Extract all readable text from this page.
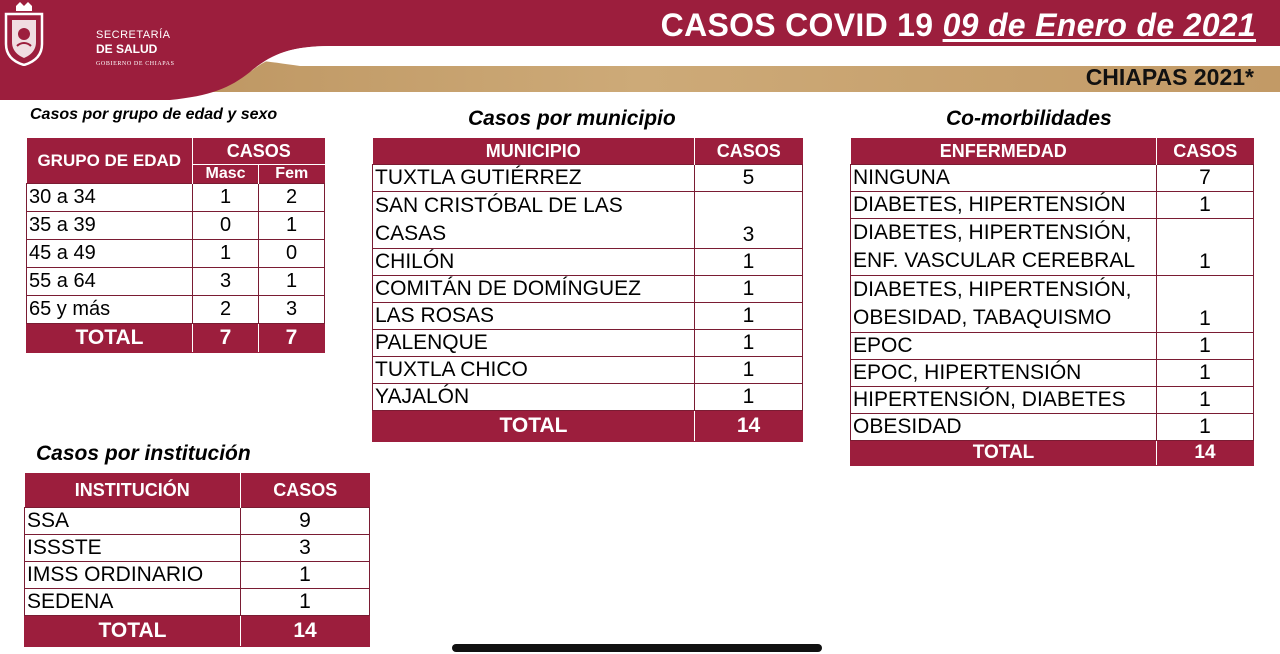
SECRETARÍA
DE SALUD
GOBIERNO DE CHIAPAS
CASOS COVID 19 09 de Enero de 2021
CHIAPAS 2021*
Casos por grupo de edad y sexo
GRUPO DE EDAD	CASOS	
	Masc	Fem
30 a 34	1	2
35 a 39	0	1
45 a 49	1	0
55 a 64	3	1
65 y más	2	3
TOTAL	7	7
Casos por municipio
MUNICIPIO	CASOS
TUXTLA GUTIÉRREZ	5
SAN CRISTÓBAL DE LAS CASAS	3
CHILÓN	1
COMITÁN DE DOMÍNGUEZ	1
LAS ROSAS	1
PALENQUE	1
TUXTLA CHICO	1
YAJALÓN	1
TOTAL	14
Co-morbilidades
ENFERMEDAD	CASOS
NINGUNA	7
DIABETES, HIPERTENSIÓN	1
DIABETES, HIPERTENSIÓN, ENF. VASCULAR CEREBRAL	1
DIABETES, HIPERTENSIÓN, OBESIDAD, TABAQUISMO	1
EPOC	1
EPOC, HIPERTENSIÓN	1
HIPERTENSIÓN, DIABETES	1
OBESIDAD	1
TOTAL	14
Casos por institución
INSTITUCIÓN	CASOS
SSA	9
ISSSTE	3
IMSS ORDINARIO	1
SEDENA	1
TOTAL	14
